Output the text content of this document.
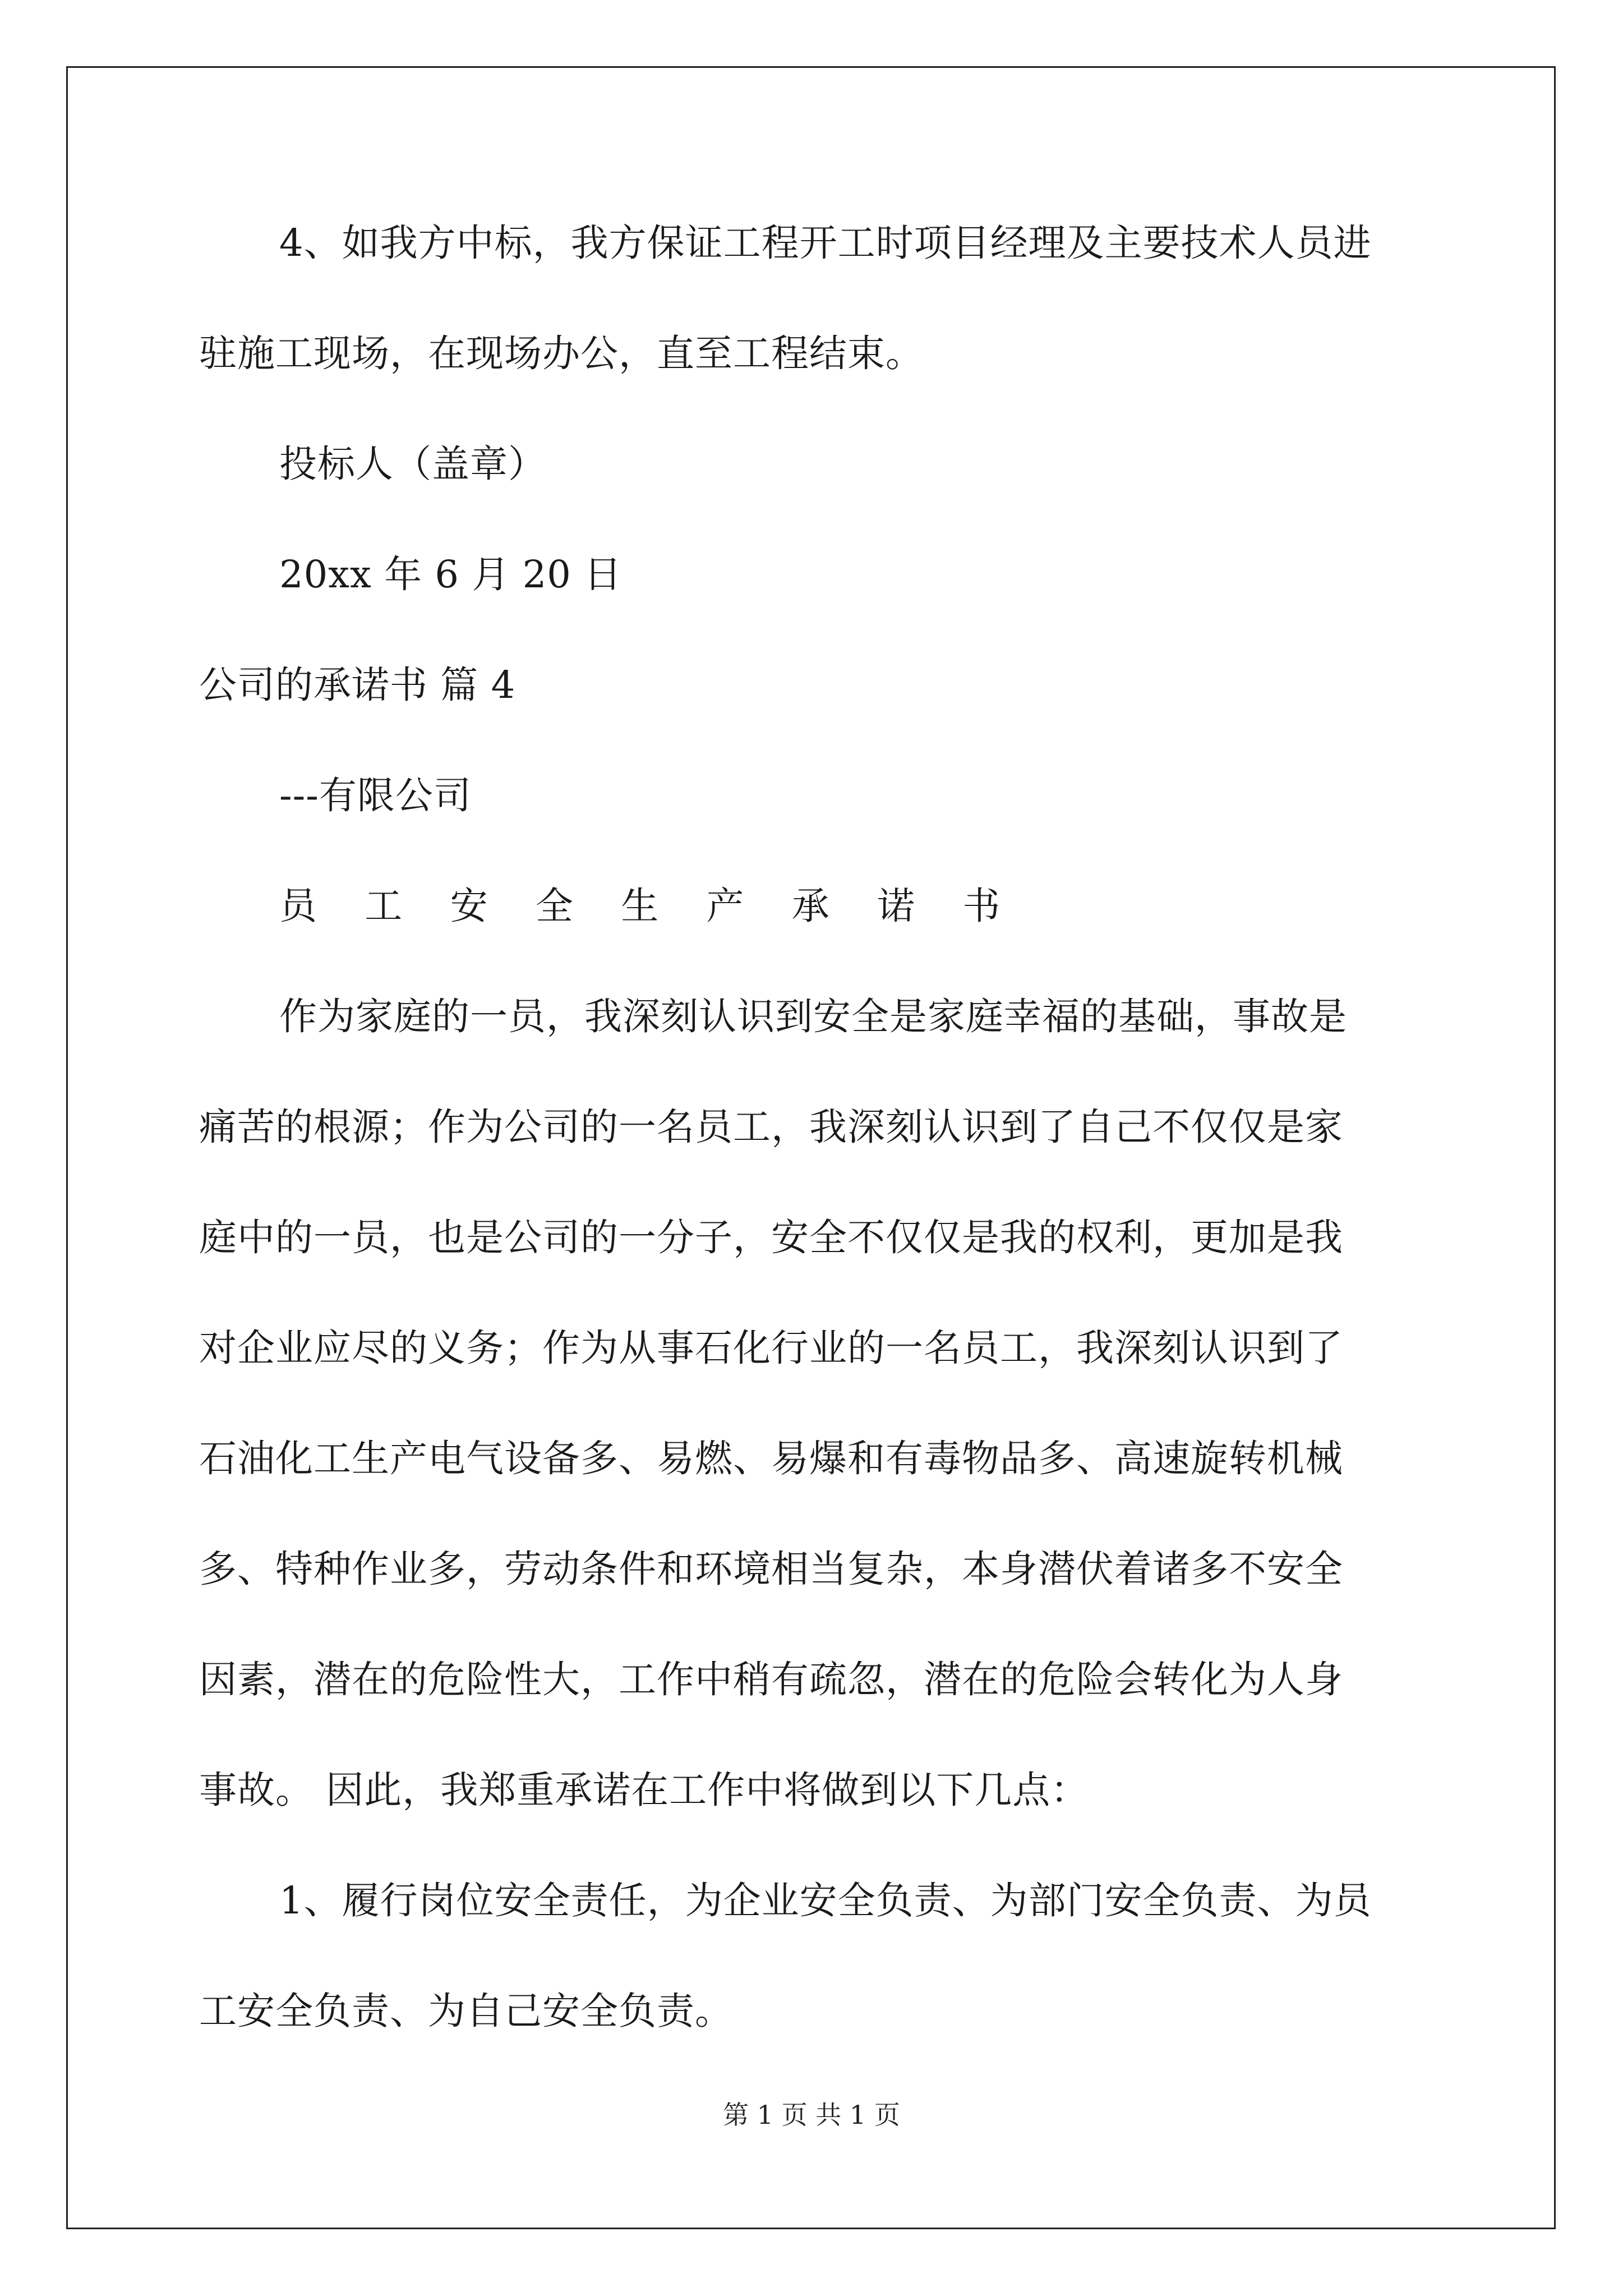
4、如我方中标，我方保证工程开工时项目经理及主要技术人员进
驻施工现场，在现场办公，直至工程结束。
投标人（盖章）
20xx 年 6 月 20 日
公司的承诺书 篇 4
---有限公司
员 工 安 全 生 产 承 诺 书
作为家庭的一员，我深刻认识到安全是家庭幸福的基础，事故是
痛苦的根源；作为公司的一名员工，我深刻认识到了自己不仅仅是家
庭中的一员，也是公司的一分子，安全不仅仅是我的权利，更加是我
对企业应尽的义务；作为从事石化行业的一名员工，我深刻认识到了
石油化工生产电气设备多、易燃、易爆和有毒物品多、高速旋转机械
多、特种作业多，劳动条件和环境相当复杂，本身潜伏着诸多不安全
因素，潜在的危险性大，工作中稍有疏忽，潜在的危险会转化为人身
事故。 因此，我郑重承诺在工作中将做到以下几点：
1、履行岗位安全责任，为企业安全负责、为部门安全负责、为员
工安全负责、为自己安全负责。
第 1 页 共 1 页
